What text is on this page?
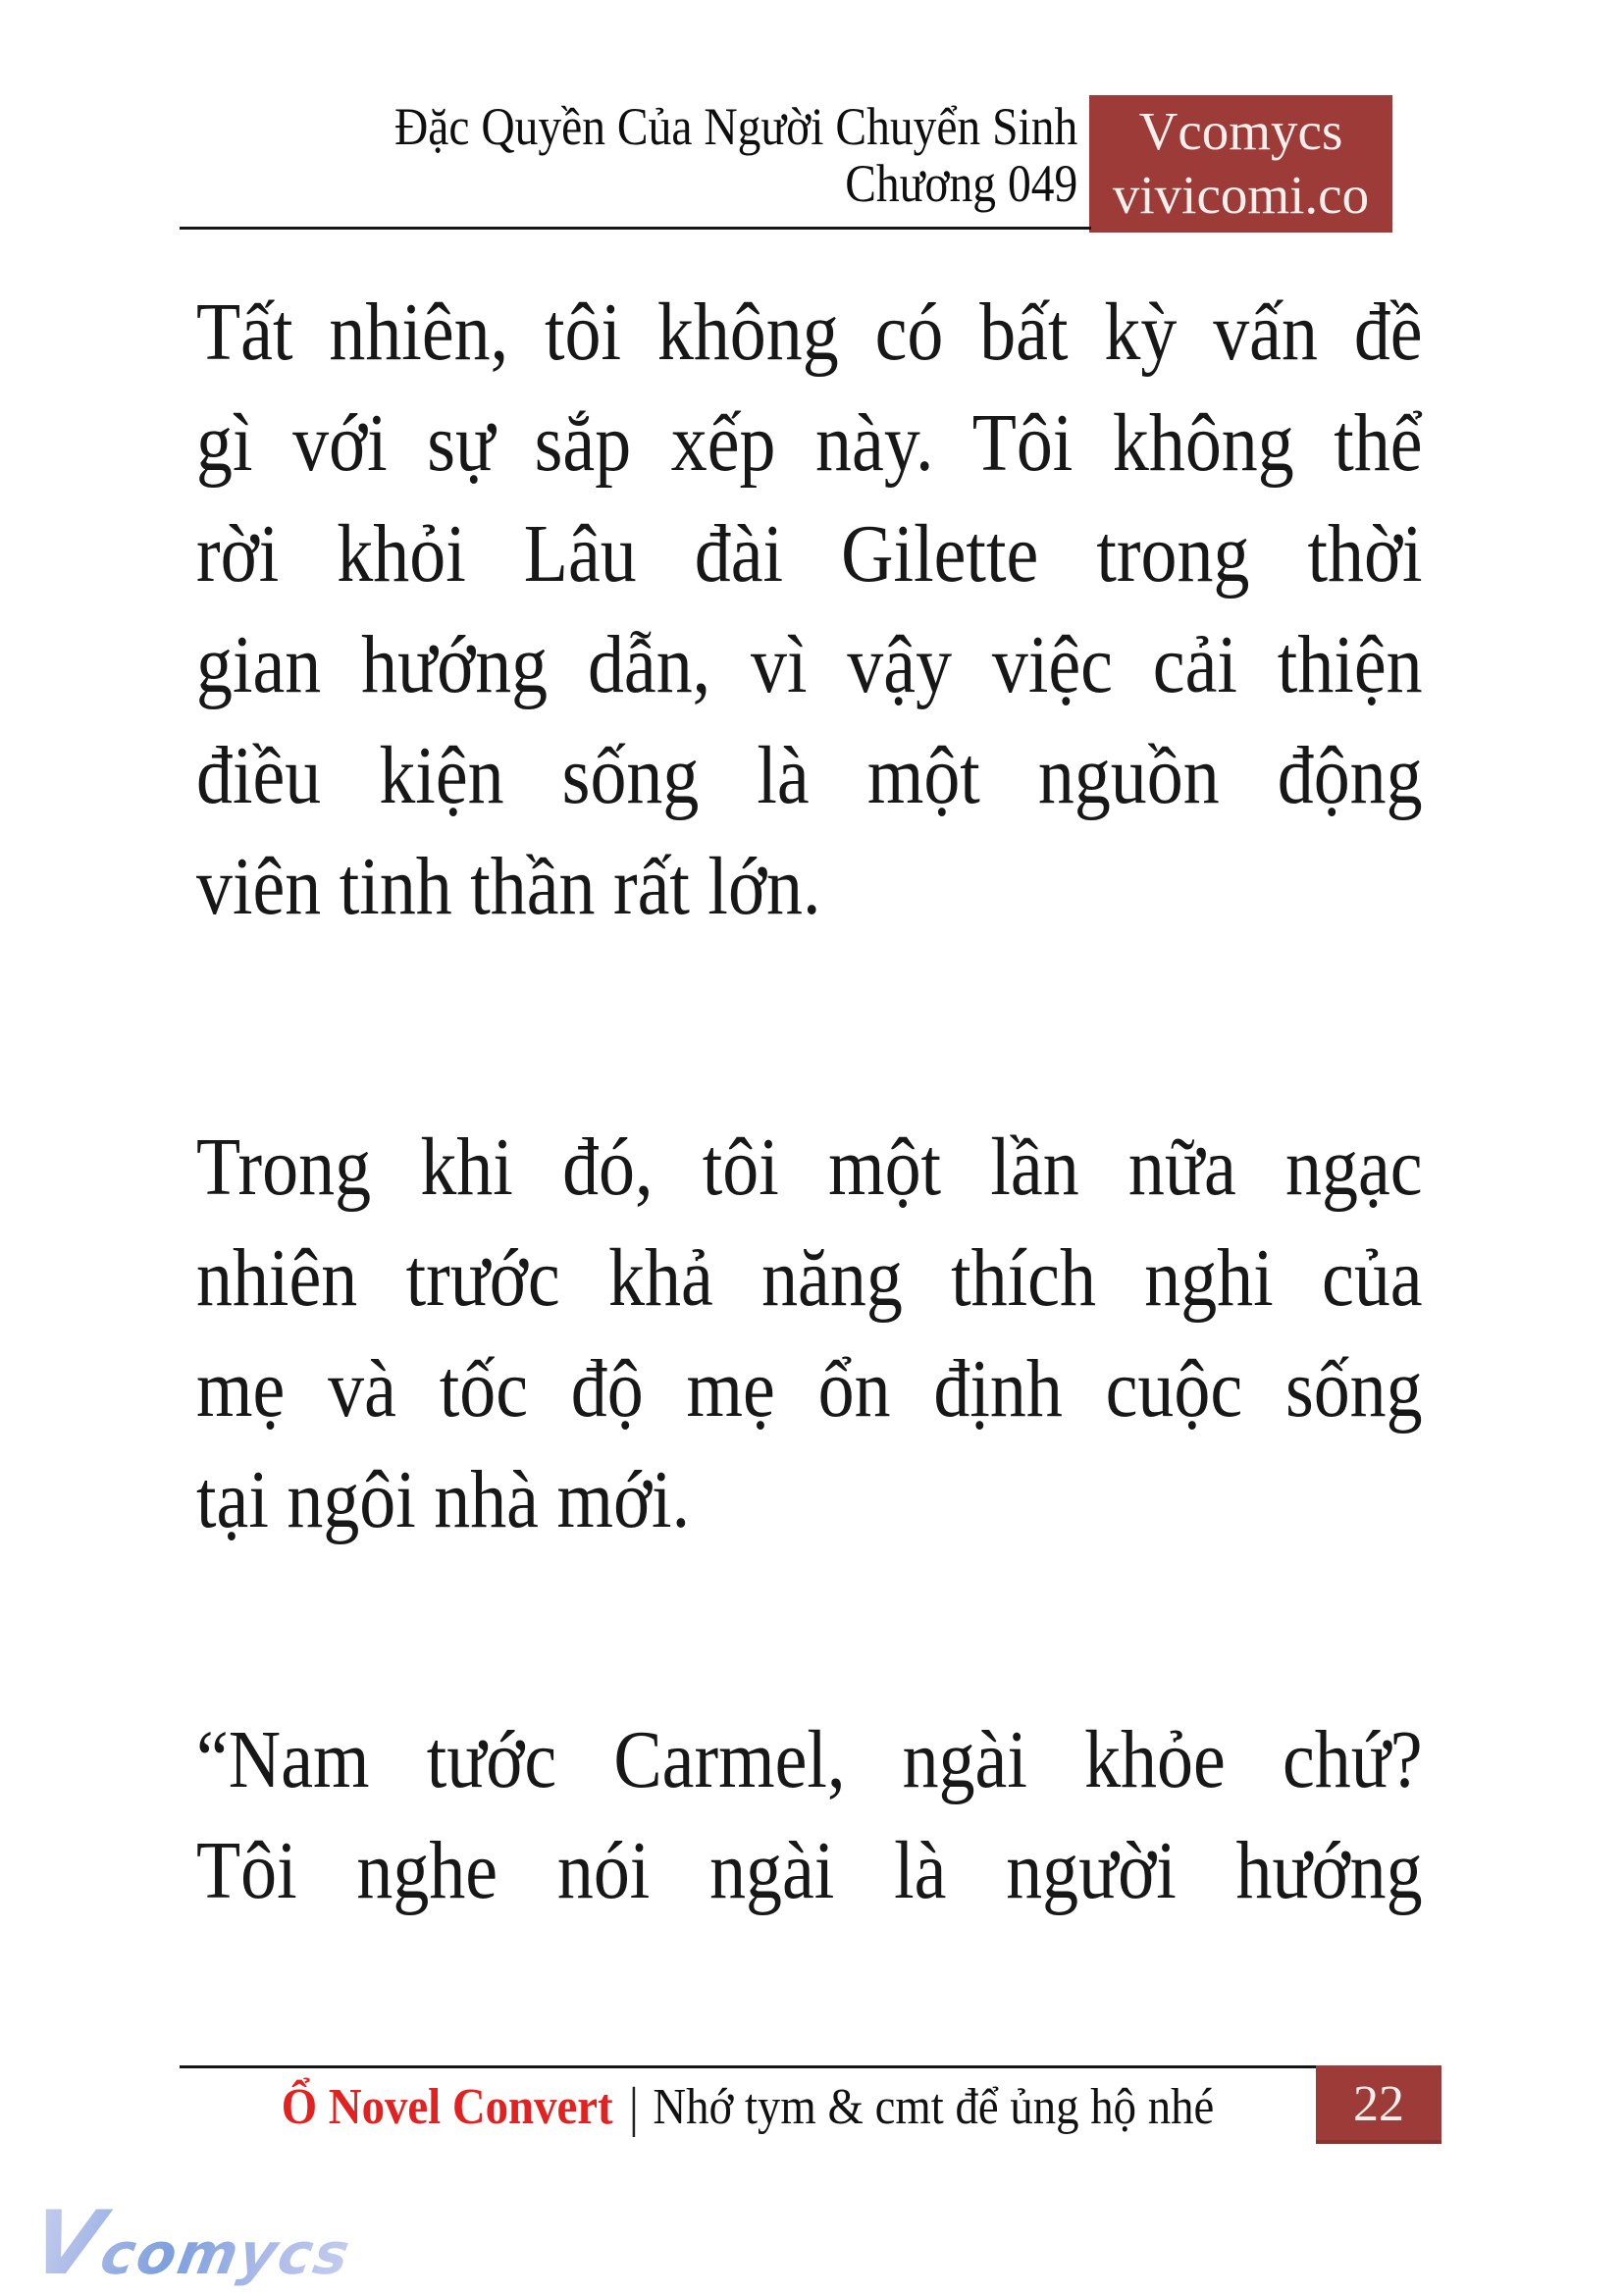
Đặc Quyền Của Người Chuyển Sinh
Chương 049
Vcomycs
vivicomi.co
Tất nhiên, tôi không có bất kỳ vấn đề
gì với sự sắp xếp này. Tôi không thể
rời khỏi Lâu đài Gilette trong thời
gian hướng dẫn, vì vậy việc cải thiện
điều kiện sống là một nguồn động
viên tinh thần rất lớn.
Trong khi đó, tôi một lần nữa ngạc
nhiên trước khả năng thích nghi của
mẹ và tốc độ mẹ ổn định cuộc sống
tại ngôi nhà mới.
“Nam tước Carmel, ngài khỏe chứ?
Tôi nghe nói ngài là người hướng
Ổ Novel Convert | Nhớ tym & cmt để ủng hộ nhé	22
Vcomycs
